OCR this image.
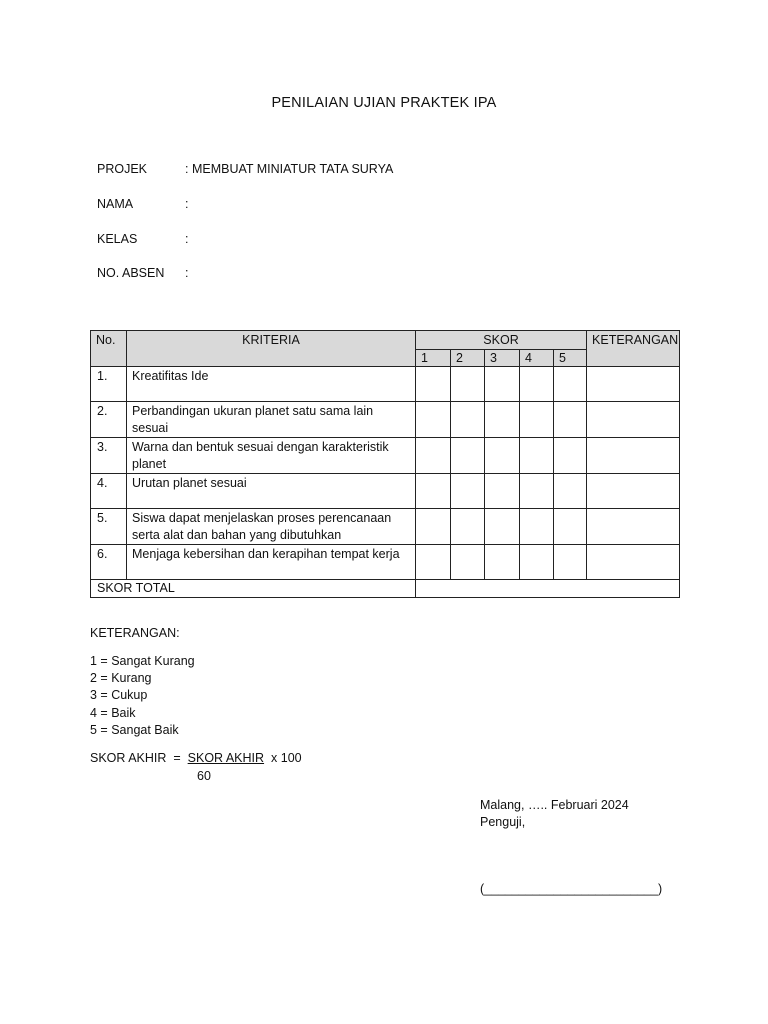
PENILAIAN UJIAN PRAKTEK IPA
PROJEK	: MEMBUAT MINIATUR TATA SURYA
NAMA	:
KELAS	:
NO. ABSEN	:
No.	KRITERIA	SKOR					KETERANGAN
		1	2	3	4	5	
1.	Kreatifitas Ide						
2.	Perbandingan ukuran planet satu sama lain sesuai						
3.	Warna dan bentuk sesuai dengan karakteristik planet						
4.	Urutan planet sesuai						
5.	Siswa dapat menjelaskan proses perencanaan serta alat dan bahan yang dibutuhkan						
6.	Menjaga kebersihan dan kerapihan tempat kerja						
SKOR TOTAL							
KETERANGAN:
1 = Sangat Kurang
2 = Kurang
3 = Cukup
4 = Baik
5 = Sangat Baik
SKOR AKHIR = SKOR AKHIR x 100
60
Malang, ….. Februari 2024
Penguji,
(_________________________)
